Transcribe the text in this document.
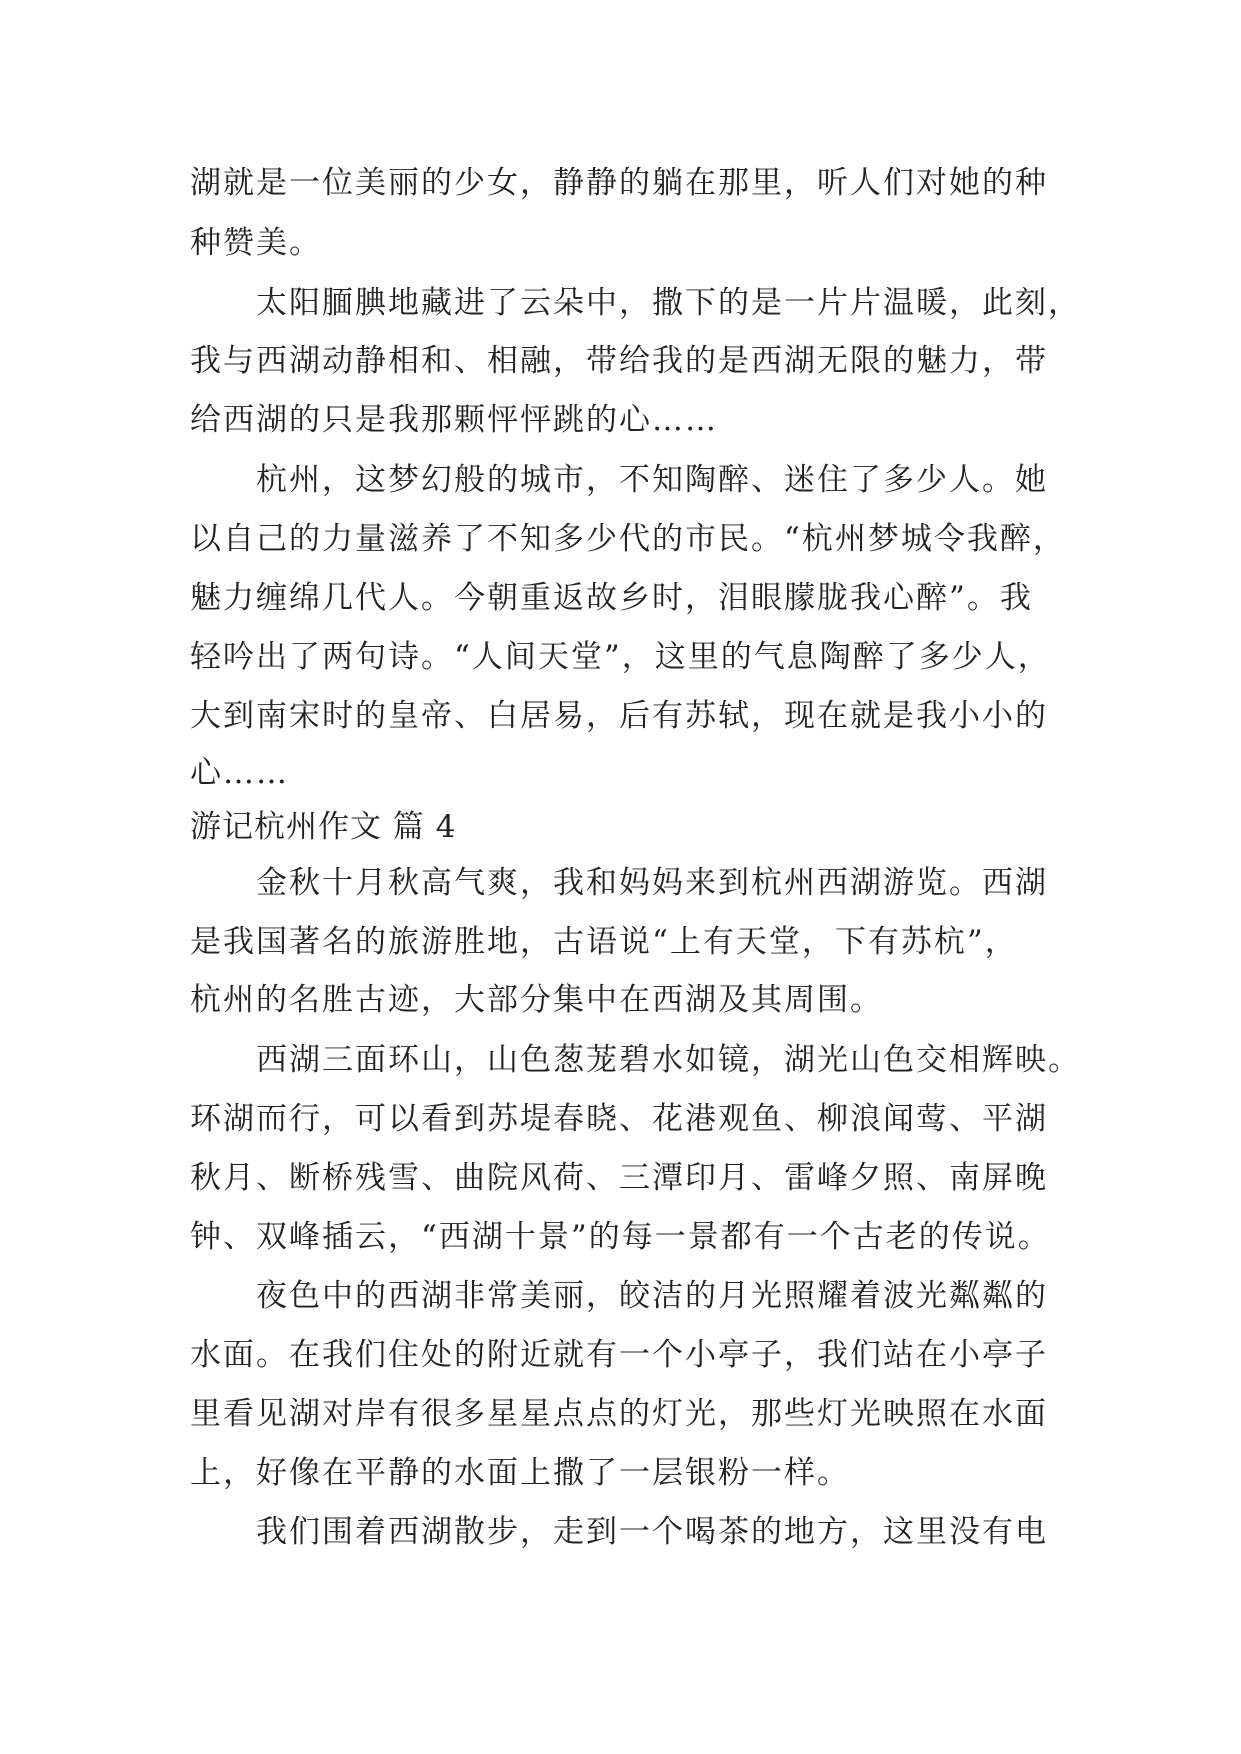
湖就是一位美丽的少女，静静的躺在那里，听人们对她的种
种赞美。
　　太阳腼腆地藏进了云朵中，撒下的是一片片温暖，此刻，
我与西湖动静相和、相融，带给我的是西湖无限的魅力，带
给西湖的只是我那颗怦怦跳的心……
　　杭州，这梦幻般的城市，不知陶醉、迷住了多少人。她
以自己的力量滋养了不知多少代的市民。“杭州梦城令我醉，
魅力缠绵几代人。今朝重返故乡时，泪眼朦胧我心醉”。我
轻吟出了两句诗。“人间天堂”，这里的气息陶醉了多少人，
大到南宋时的皇帝、白居易，后有苏轼，现在就是我小小的
心……
游记杭州作文 篇 4
　　金秋十月秋高气爽，我和妈妈来到杭州西湖游览。西湖
是我国著名的旅游胜地，古语说“上有天堂，下有苏杭”，
杭州的名胜古迹，大部分集中在西湖及其周围。
　　西湖三面环山，山色葱茏碧水如镜，湖光山色交相辉映。
环湖而行，可以看到苏堤春晓、花港观鱼、柳浪闻莺、平湖
秋月、断桥残雪、曲院风荷、三潭印月、雷峰夕照、南屏晚
钟、双峰插云，“西湖十景”的每一景都有一个古老的传说。
　　夜色中的西湖非常美丽，皎洁的月光照耀着波光粼粼的
水面。在我们住处的附近就有一个小亭子，我们站在小亭子
里看见湖对岸有很多星星点点的灯光，那些灯光映照在水面
上，好像在平静的水面上撒了一层银粉一样。
　　我们围着西湖散步，走到一个喝茶的地方，这里没有电
